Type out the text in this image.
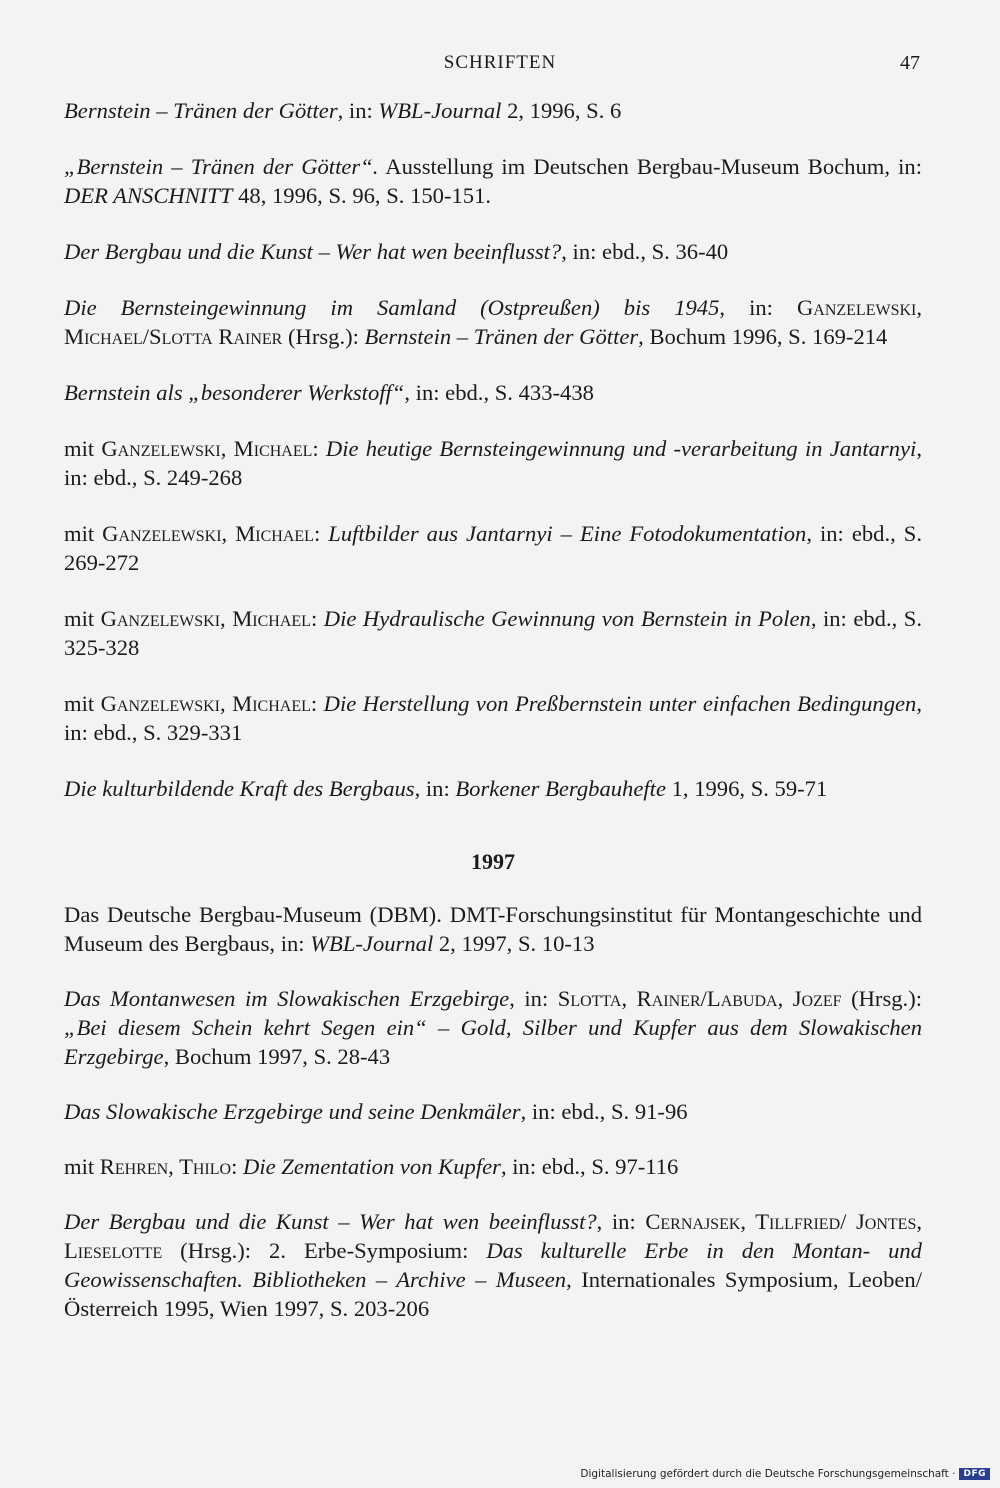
SCHRIFTEN	47

Bernstein – Tränen der Götter, in: WBL-Journal 2, 1996, S. 6

„Bernstein – Tränen der Götter“. Ausstellung im Deutschen Bergbau-Museum Bochum, in: DER ANSCHNITT 48, 1996, S. 96, S. 150-151.

Der Bergbau und die Kunst – Wer hat wen beeinflusst?, in: ebd., S. 36-40

Die Bernsteingewinnung im Samland (Ostpreußen) bis 1945, in: Ganzelewski, Michael/Slotta Rainer (Hrsg.): Bernstein – Tränen der Götter, Bochum 1996, S. 169-214

Bernstein als „besonderer Werkstoff“, in: ebd., S. 433-438

mit Ganzelewski, Michael: Die heutige Bernsteingewinnung und -verarbeitung in Jantarnyi, in: ebd., S. 249-268

mit Ganzelewski, Michael: Luftbilder aus Jantarnyi – Eine Fotodokumentation, in: ebd., S. 269-272

mit Ganzelewski, Michael: Die Hydraulische Gewinnung von Bernstein in Polen, in: ebd., S. 325-328

mit Ganzelewski, Michael: Die Herstellung von Preßbernstein unter einfachen Bedingungen, in: ebd., S. 329-331

Die kulturbildende Kraft des Bergbaus, in: Borkener Bergbauhefte 1, 1996, S. 59-71

1997

Das Deutsche Bergbau-Museum (DBM). DMT-Forschungsinstitut für Montangeschichte und Museum des Bergbaus, in: WBL-Journal 2, 1997, S. 10-13

Das Montanwesen im Slowakischen Erzgebirge, in: Slotta, Rainer/Labuda, Jozef (Hrsg.): „Bei diesem Schein kehrt Segen ein“ – Gold, Silber und Kupfer aus dem Slowakischen Erzgebirge, Bochum 1997, S. 28-43

Das Slowakische Erzgebirge und seine Denkmäler, in: ebd., S. 91-96

mit Rehren, Thilo: Die Zementation von Kupfer, in: ebd., S. 97-116

Der Bergbau und die Kunst – Wer hat wen beeinflusst?, in: Cernajsek, Tillfried/ Jontes, Lieselotte (Hrsg.): 2. Erbe-Symposium: Das kulturelle Erbe in den Montan- und Geowissenschaften. Bibliotheken – Archive – Museen, Internationales Symposium, Leoben/Österreich 1995, Wien 1997, S. 203-206

Digitalisierung gefördert durch die Deutsche Forschungsgemeinschaft · DFG
